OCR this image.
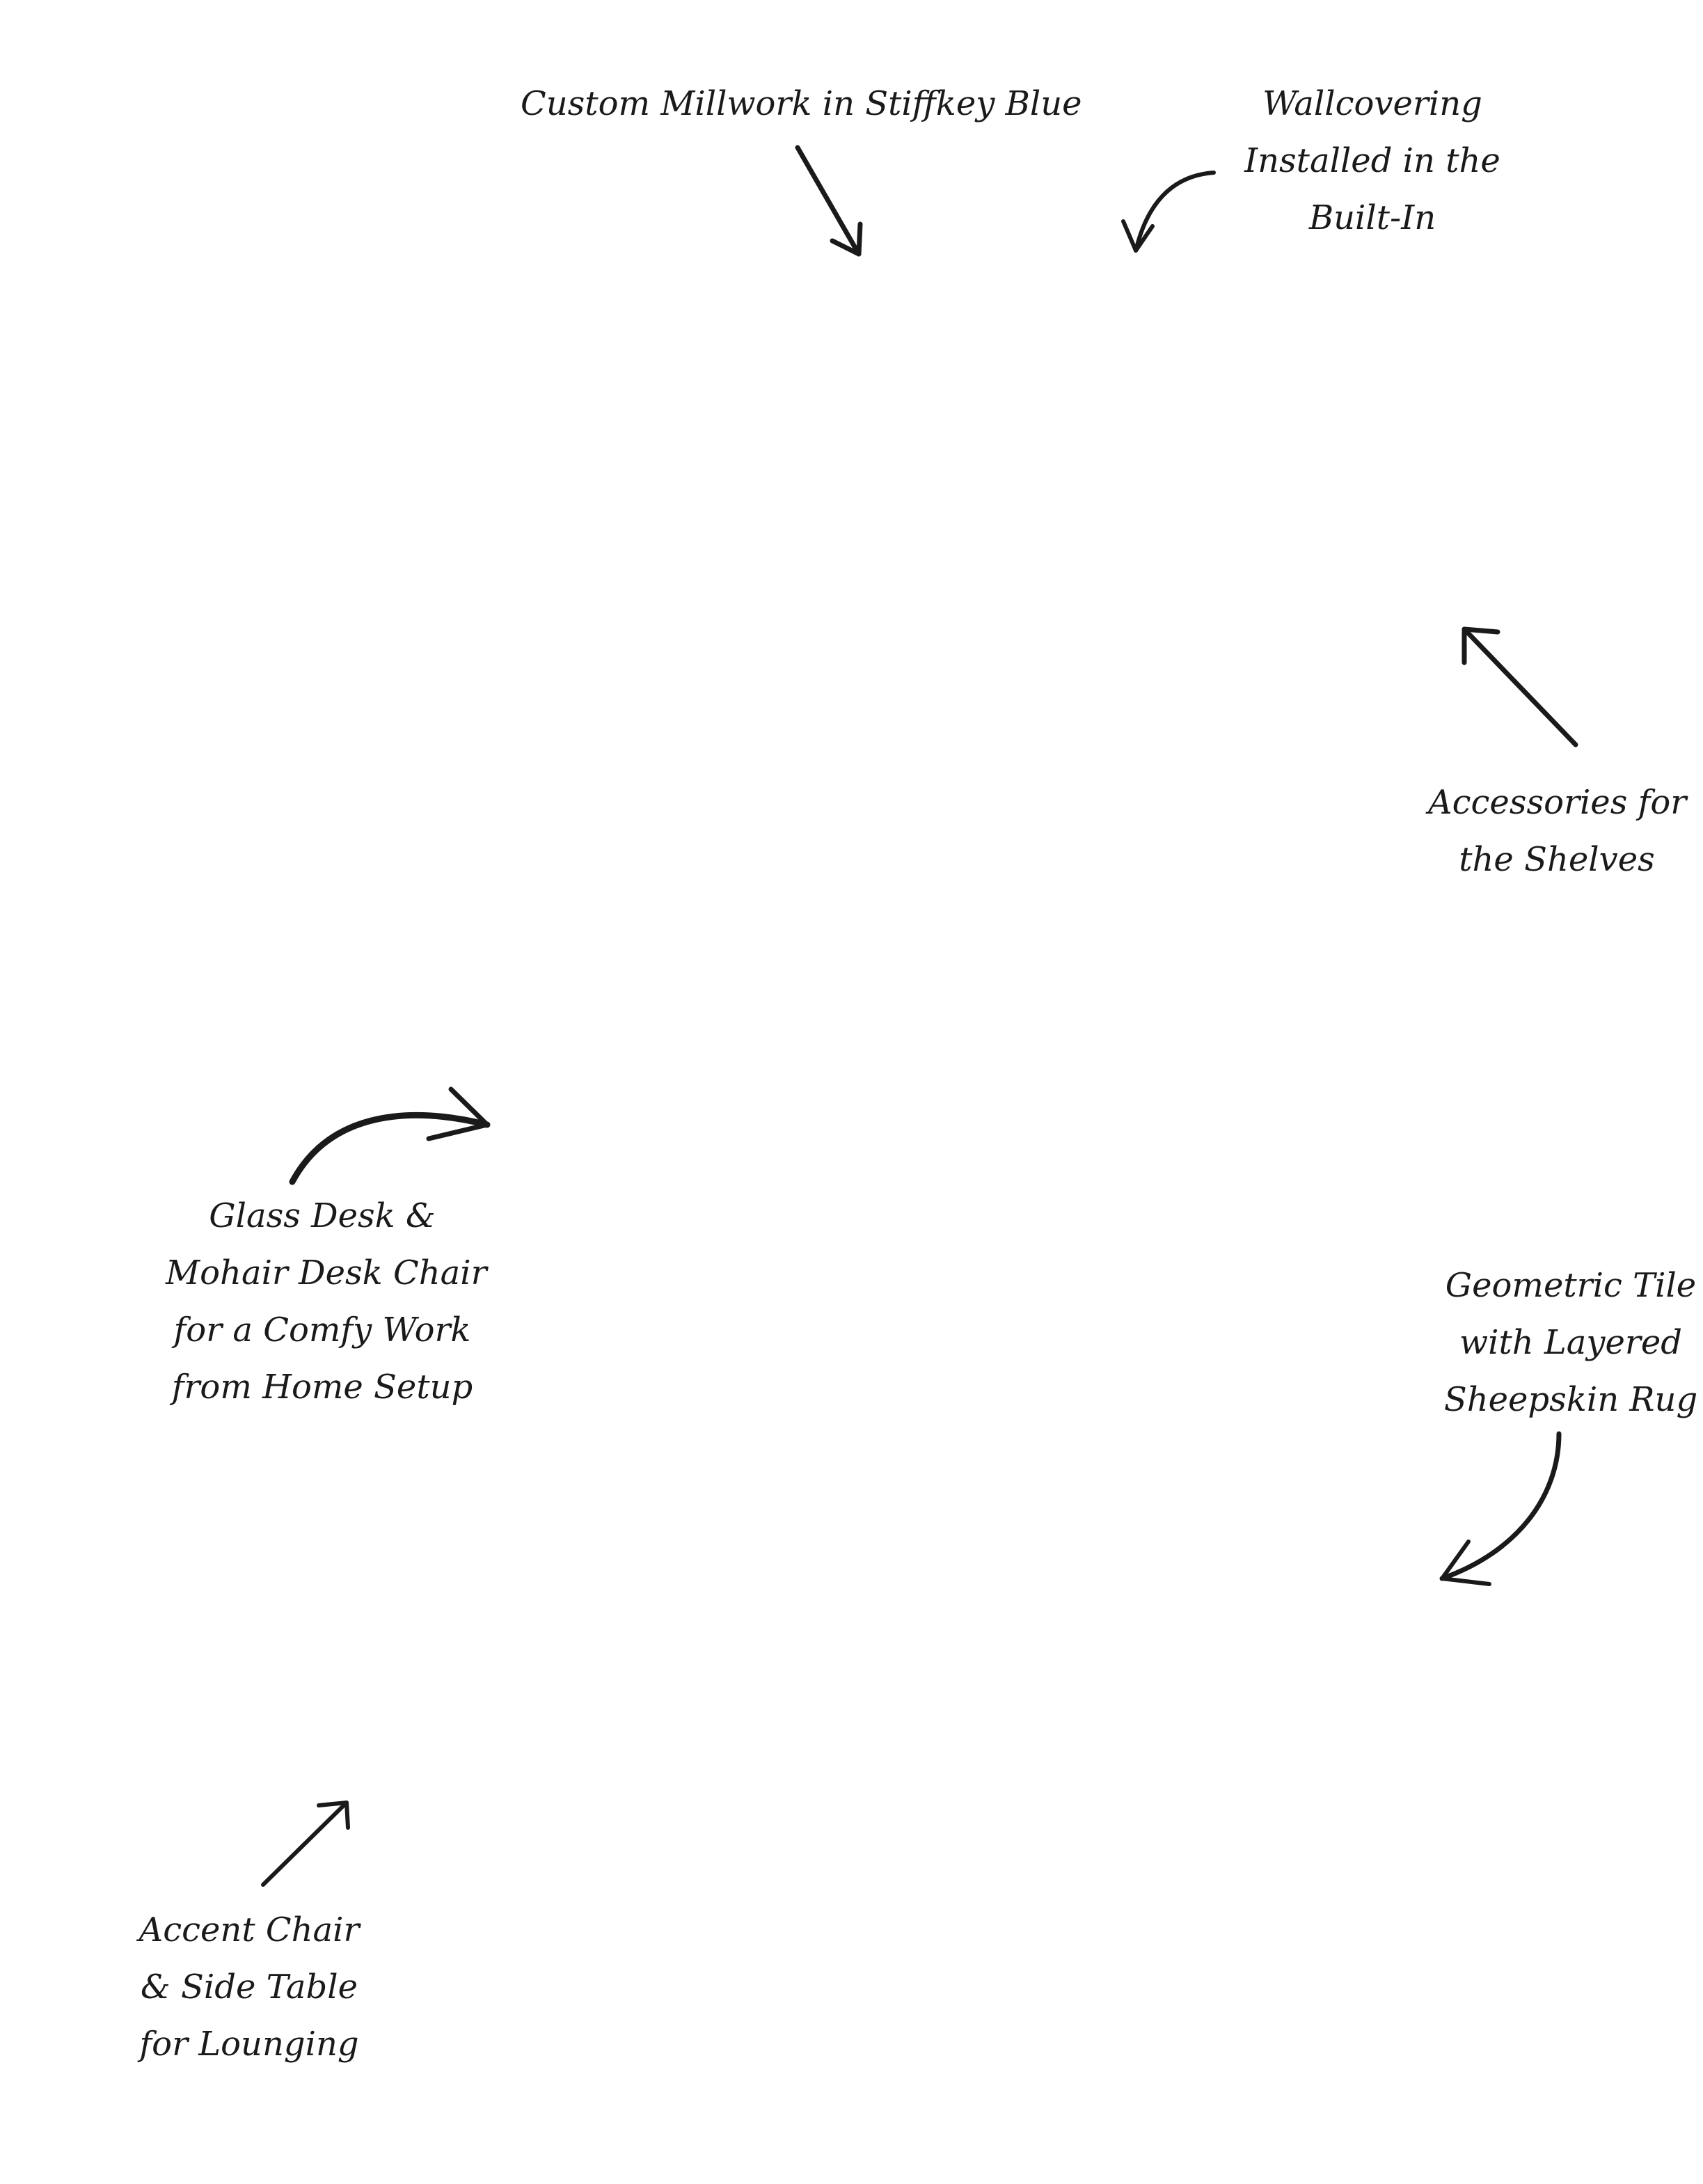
Custom Millwork in Stiffkey Blue	Wallcovering
Installed in the
Built-In
Accessories for
the Shelves
Glass Desk &
Mohair Desk Chair
for a Comfy Work
from Home Setup
Geometric Tile
with Layered
Sheepskin Rug
Accent Chair
& Side Table
for Lounging
